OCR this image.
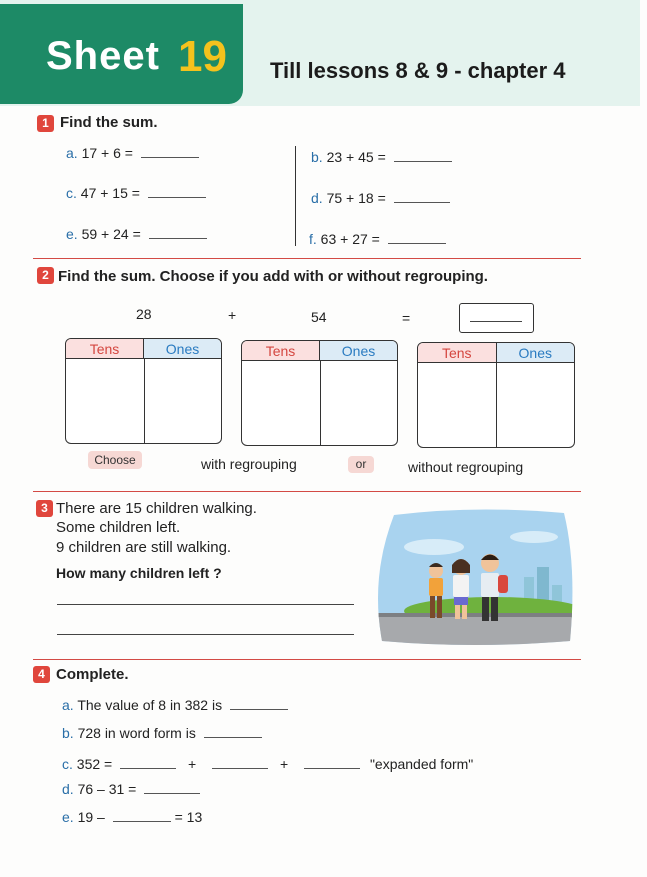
Sheet 19 Till lessons 8 & 9 - chapter 4
1 Find the sum.
a. 17 + 6 =	b. 23 + 45 =
c. 47 + 15 =	d. 75 + 18 =
e. 59 + 24 =	f. 63 + 27 =
2 Find the sum. Choose if you add with or without regrouping.
28	+	54	=
Tens	Ones	Tens	Ones	Tens	Ones
Choose	with regrouping	or	without regrouping
3 There are 15 children walking.
Some children left.
9 children are still walking.
How many children left ?
4 Complete.
a. The value of 8 in 382 is
b. 728 in word form is
c. 352 =	+	+	"expanded form"
d. 76 – 31 =
e. 19 –	= 13
